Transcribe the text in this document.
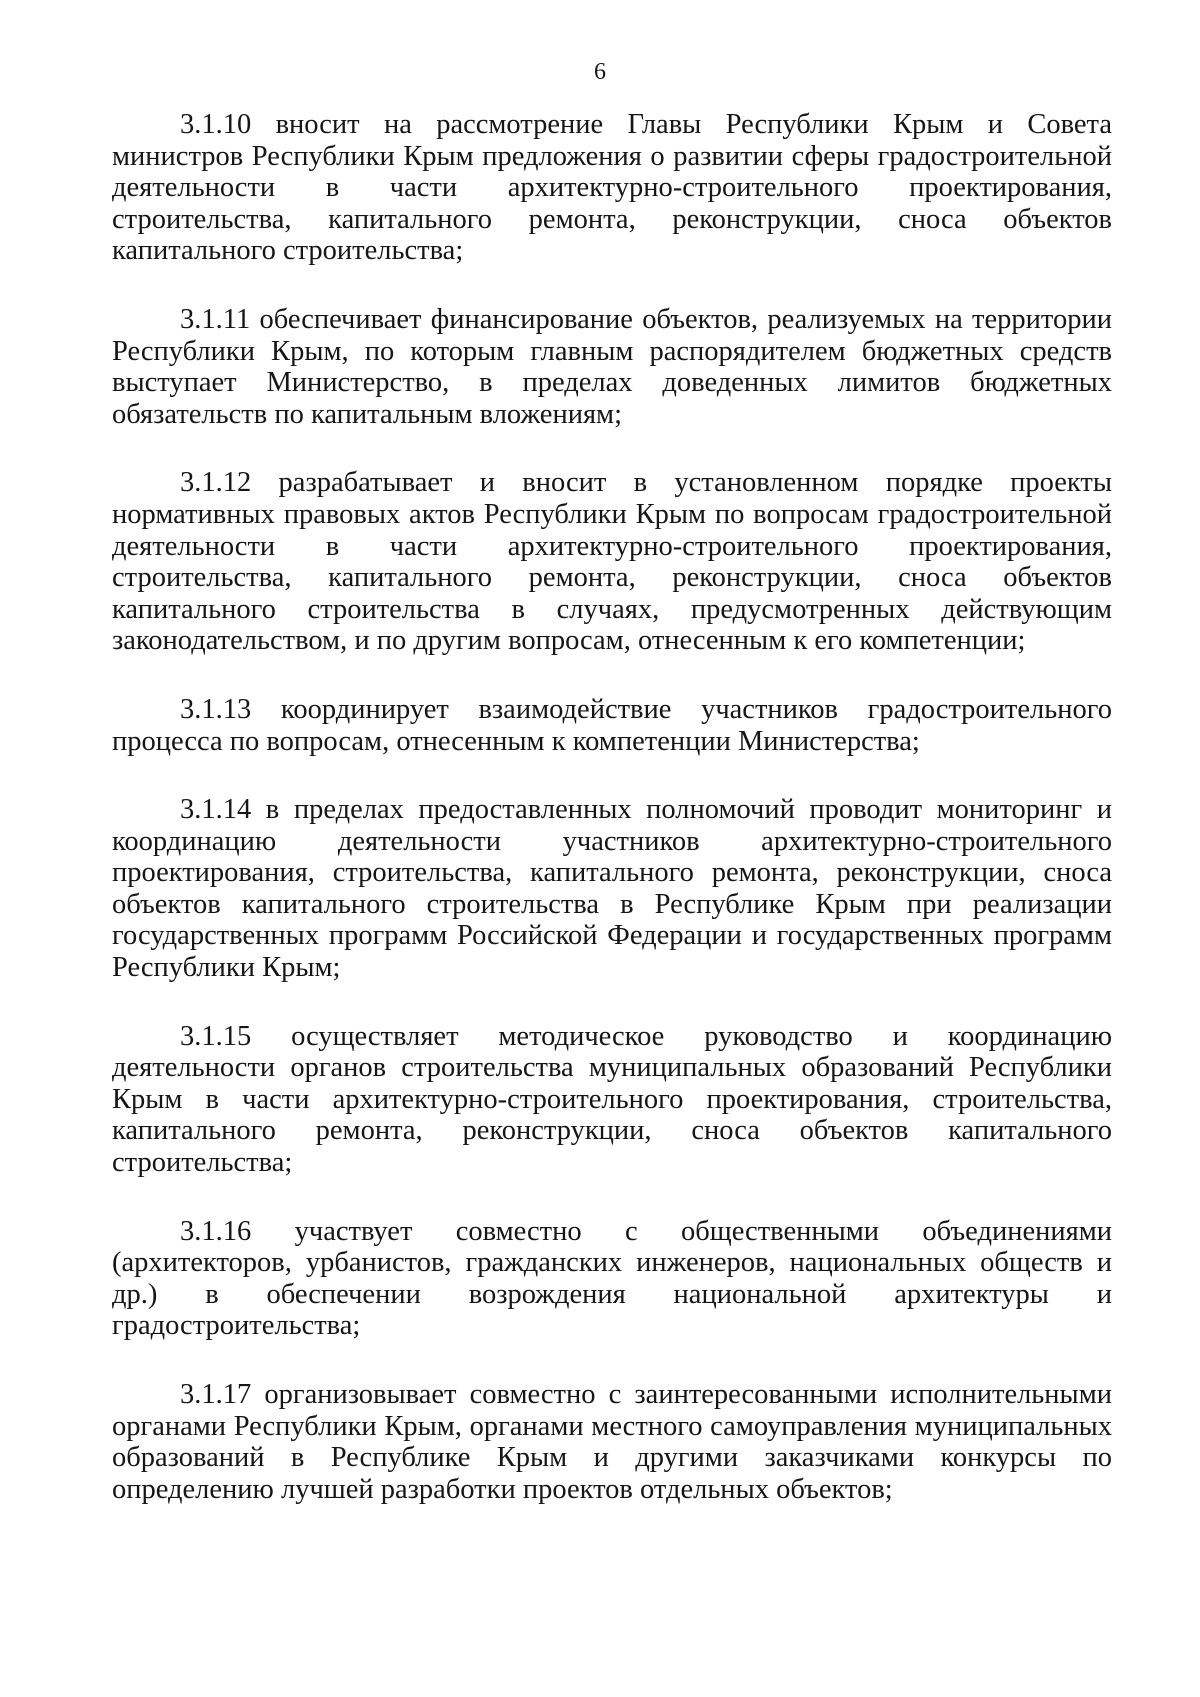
6

3.1.10 вносит на рассмотрение Главы Республики Крым и Совета министров Республики Крым предложения о развитии сферы градостроительной деятельности в части архитектурно-строительного проектирования, строительства, капитального ремонта, реконструкции, сноса объектов капитального строительства;

3.1.11 обеспечивает финансирование объектов, реализуемых на территории Республики Крым, по которым главным распорядителем бюджетных средств выступает Министерство, в пределах доведенных лимитов бюджетных обязательств по капитальным вложениям;

3.1.12 разрабатывает и вносит в установленном порядке проекты нормативных правовых актов Республики Крым по вопросам градостроительной деятельности в части архитектурно-строительного проектирования, строительства, капитального ремонта, реконструкции, сноса объектов капитального строительства в случаях, предусмотренных действующим законодательством, и по другим вопросам, отнесенным к его компетенции;

3.1.13 координирует взаимодействие участников градостроительного процесса по вопросам, отнесенным к компетенции Министерства;

3.1.14 в пределах предоставленных полномочий проводит мониторинг и координацию деятельности участников архитектурно-строительного проектирования, строительства, капитального ремонта, реконструкции, сноса объектов капитального строительства в Республике Крым при реализации государственных программ Российской Федерации и государственных программ Республики Крым;

3.1.15 осуществляет методическое руководство и координацию деятельности органов строительства муниципальных образований Республики Крым в части архитектурно-строительного проектирования, строительства, капитального ремонта, реконструкции, сноса объектов капитального строительства;

3.1.16 участвует совместно с общественными объединениями (архитекторов, урбанистов, гражданских инженеров, национальных обществ и др.) в обеспечении возрождения национальной архитектуры и градостроительства;

3.1.17 организовывает совместно с заинтересованными исполнительными органами Республики Крым, органами местного самоуправления муниципальных образований в Республике Крым и другими заказчиками конкурсы по определению лучшей разработки проектов отдельных объектов;
